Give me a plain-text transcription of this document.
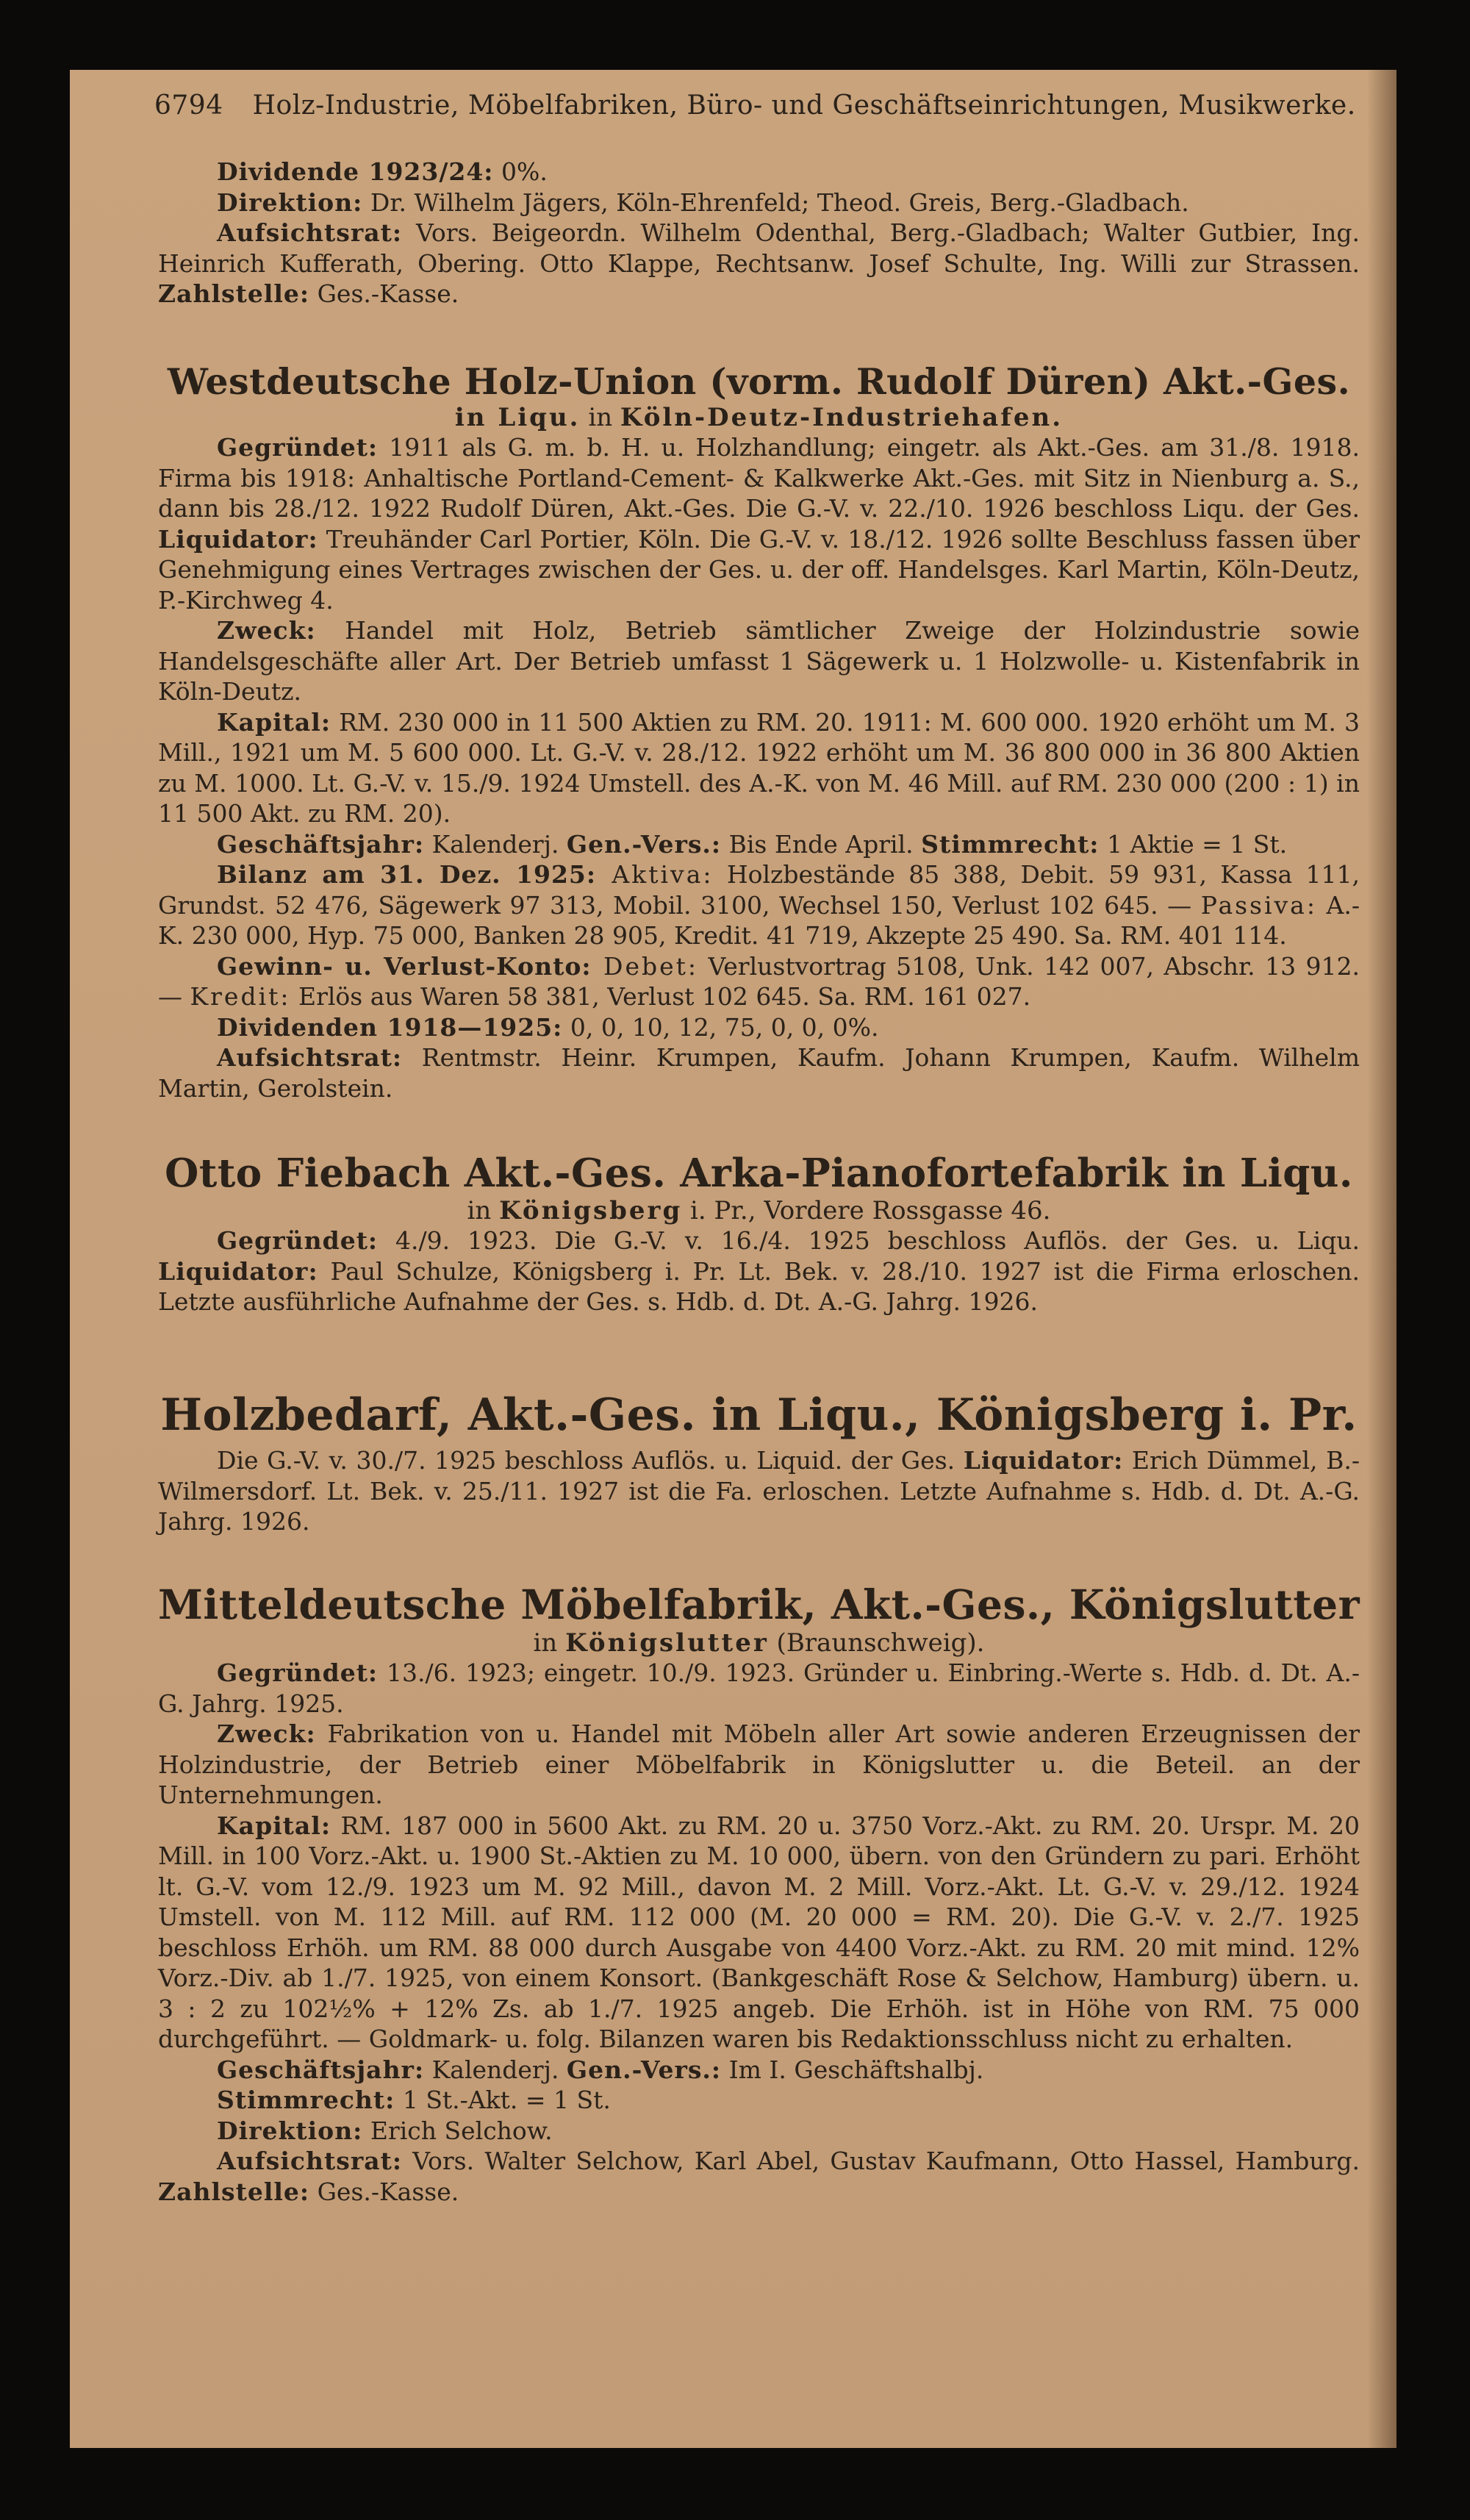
6794 Holz-Industrie, Möbelfabriken, Büro- und Geschäftseinrichtungen, Musikwerke.

Dividende 1923/24: 0%.

Direktion: Dr. Wilhelm Jägers, Köln-Ehrenfeld; Theod. Greis, Berg.-Gladbach.

Aufsichtsrat: Vors. Beigeordn. Wilhelm Odenthal, Berg.-Gladbach; Walter Gutbier, Ing. Heinrich Kufferath, Obering. Otto Klappe, Rechtsanw. Josef Schulte, Ing. Willi zur Strassen. Zahlstelle: Ges.-Kasse.

Westdeutsche Holz-Union (vorm. Rudolf Düren) Akt.-Ges.

in Liqu. in Köln-Deutz-Industriehafen.

Gegründet: 1911 als G. m. b. H. u. Holzhandlung; eingetr. als Akt.-Ges. am 31./8. 1918. Firma bis 1918: Anhaltische Portland-Cement- & Kalkwerke Akt.-Ges. mit Sitz in Nienburg a. S., dann bis 28./12. 1922 Rudolf Düren, Akt.-Ges. Die G.-V. v. 22./10. 1926 beschloss Liqu. der Ges. Liquidator: Treuhänder Carl Portier, Köln. Die G.-V. v. 18./12. 1926 sollte Beschluss fassen über Genehmigung eines Vertrages zwischen der Ges. u. der off. Handelsges. Karl Martin, Köln-Deutz, P.-Kirchweg 4.

Zweck: Handel mit Holz, Betrieb sämtlicher Zweige der Holzindustrie sowie Handelsgeschäfte aller Art. Der Betrieb umfasst 1 Sägewerk u. 1 Holzwolle- u. Kistenfabrik in Köln-Deutz.

Kapital: RM. 230 000 in 11 500 Aktien zu RM. 20. 1911: M. 600 000. 1920 erhöht um M. 3 Mill., 1921 um M. 5 600 000. Lt. G.-V. v. 28./12. 1922 erhöht um M. 36 800 000 in 36 800 Aktien zu M. 1000. Lt. G.-V. v. 15./9. 1924 Umstell. des A.-K. von M. 46 Mill. auf RM. 230 000 (200 : 1) in 11 500 Akt. zu RM. 20).

Geschäftsjahr: Kalenderj. Gen.-Vers.: Bis Ende April. Stimmrecht: 1 Aktie = 1 St.

Bilanz am 31. Dez. 1925: Aktiva: Holzbestände 85 388, Debit. 59 931, Kassa 111, Grundst. 52 476, Sägewerk 97 313, Mobil. 3100, Wechsel 150, Verlust 102 645. — Passiva: A.-K. 230 000, Hyp. 75 000, Banken 28 905, Kredit. 41 719, Akzepte 25 490. Sa. RM. 401 114.

Gewinn- u. Verlust-Konto: Debet: Verlustvortrag 5108, Unk. 142 007, Abschr. 13 912. — Kredit: Erlös aus Waren 58 381, Verlust 102 645. Sa. RM. 161 027.

Dividenden 1918—1925: 0, 0, 10, 12, 75, 0, 0, 0%.

Aufsichtsrat: Rentmstr. Heinr. Krumpen, Kaufm. Johann Krumpen, Kaufm. Wilhelm Martin, Gerolstein.

Otto Fiebach Akt.-Ges. Arka-Pianofortefabrik in Liqu.

in Königsberg i. Pr., Vordere Rossgasse 46.

Gegründet: 4./9. 1923. Die G.-V. v. 16./4. 1925 beschloss Auflös. der Ges. u. Liqu. Liquidator: Paul Schulze, Königsberg i. Pr. Lt. Bek. v. 28./10. 1927 ist die Firma erloschen. Letzte ausführliche Aufnahme der Ges. s. Hdb. d. Dt. A.-G. Jahrg. 1926.

Holzbedarf, Akt.-Ges. in Liqu., Königsberg i. Pr.

Die G.-V. v. 30./7. 1925 beschloss Auflös. u. Liquid. der Ges. Liquidator: Erich Dümmel, B.-Wilmersdorf. Lt. Bek. v. 25./11. 1927 ist die Fa. erloschen. Letzte Aufnahme s. Hdb. d. Dt. A.-G. Jahrg. 1926.

Mitteldeutsche Möbelfabrik, Akt.-Ges., Königslutter

in Königslutter (Braunschweig).

Gegründet: 13./6. 1923; eingetr. 10./9. 1923. Gründer u. Einbring.-Werte s. Hdb. d. Dt. A.-G. Jahrg. 1925.

Zweck: Fabrikation von u. Handel mit Möbeln aller Art sowie anderen Erzeugnissen der Holzindustrie, der Betrieb einer Möbelfabrik in Königslutter u. die Beteil. an der Unternehmungen.

Kapital: RM. 187 000 in 5600 Akt. zu RM. 20 u. 3750 Vorz.-Akt. zu RM. 20. Urspr. M. 20 Mill. in 100 Vorz.-Akt. u. 1900 St.-Aktien zu M. 10 000, übern. von den Gründern zu pari. Erhöht lt. G.-V. vom 12./9. 1923 um M. 92 Mill., davon M. 2 Mill. Vorz.-Akt. Lt. G.-V. v. 29./12. 1924 Umstell. von M. 112 Mill. auf RM. 112 000 (M. 20 000 = RM. 20). Die G.-V. v. 2./7. 1925 beschloss Erhöh. um RM. 88 000 durch Ausgabe von 4400 Vorz.-Akt. zu RM. 20 mit mind. 12% Vorz.-Div. ab 1./7. 1925, von einem Konsort. (Bankgeschäft Rose & Selchow, Hamburg) übern. u. 3 : 2 zu 102½% + 12% Zs. ab 1./7. 1925 angeb. Die Erhöh. ist in Höhe von RM. 75 000 durchgeführt. — Goldmark- u. folg. Bilanzen waren bis Redaktionsschluss nicht zu erhalten.

Geschäftsjahr: Kalenderj. Gen.-Vers.: Im I. Geschäftshalbj.

Stimmrecht: 1 St.-Akt. = 1 St.

Direktion: Erich Selchow.

Aufsichtsrat: Vors. Walter Selchow, Karl Abel, Gustav Kaufmann, Otto Hassel, Hamburg. Zahlstelle: Ges.-Kasse.
